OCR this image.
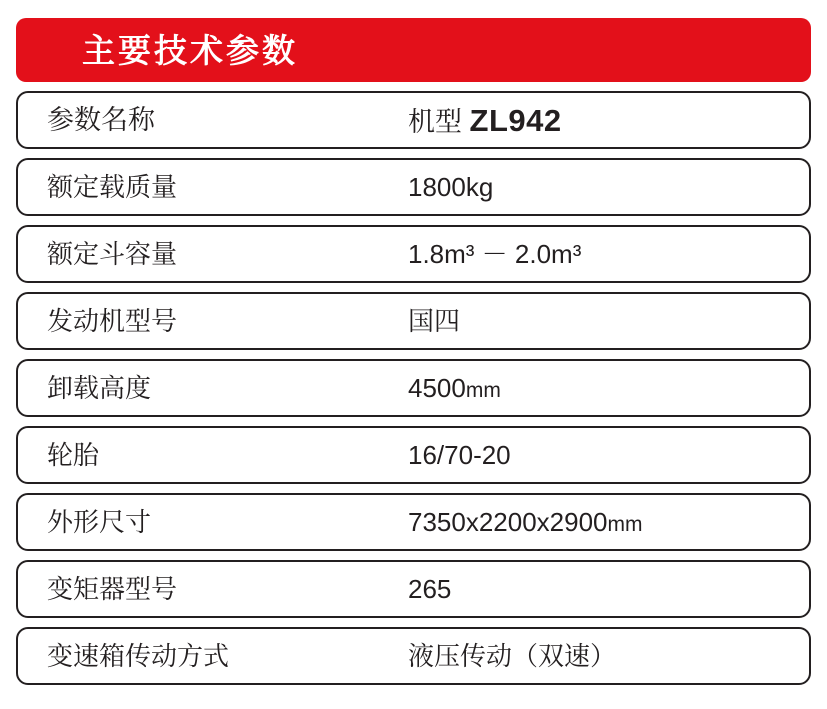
主要技术参数
参数名称	机型 ZL942
额定载质量	1800kg
额定斗容量	1.8m³ － 2.0m³
发动机型号	国四
卸载高度	4500mm
轮胎	16/70-20
外形尺寸	7350x2200x2900mm
变矩器型号	265
变速箱传动方式	液压传动（双速）
